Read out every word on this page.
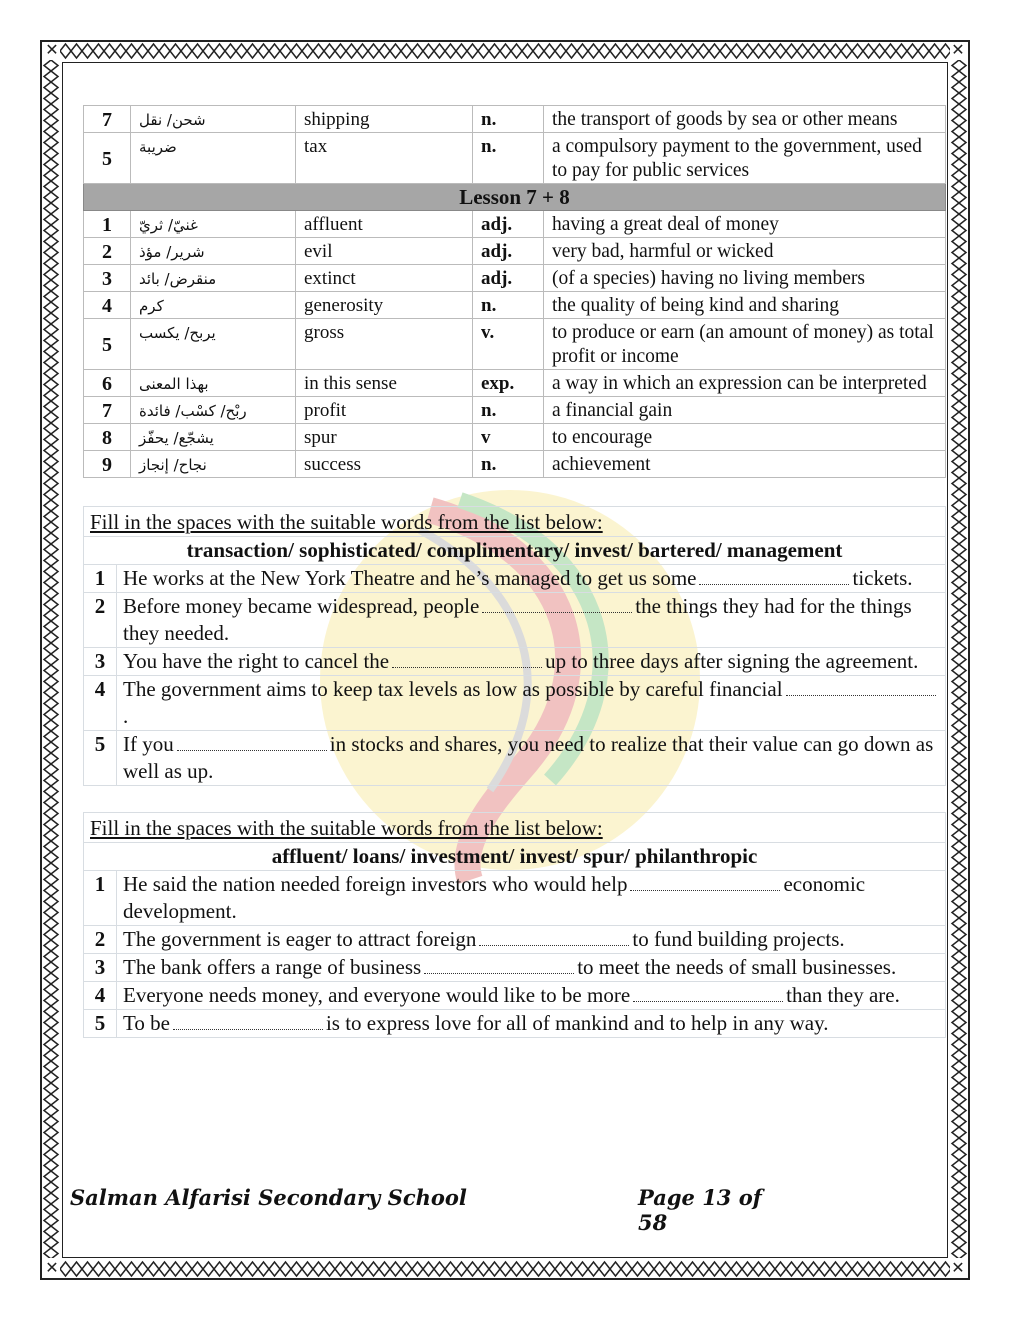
✕	✕
✕	✕
7	شحن/ نقل	shipping	n.	the transport of goods by sea or other means
5	ضريبة	tax	n.	a compulsory payment to the government, used to pay for public services
Lesson 7 + 8				
1	غنيّ/ ثريّ	affluent	adj.	having a great deal of money
2	شرير/ مؤذ	evil	adj.	very bad, harmful or wicked
3	منقرض/ بائد	extinct	adj.	(of a species) having no living members
4	كرم	generosity	n.	the quality of being kind and sharing
5	يربح/ يكسب	gross	v.	to produce or earn (an amount of money) as total profit or income
6	بهذا المعنى	in this sense	exp.	a way in which an expression can be interpreted
7	ربْح/ كسْب/ فائدة	profit	n.	a financial gain
8	يشجّع/ يحفّز	spur	v	to encourage
9	نجاح/ إنجاز	success	n.	achievement
Fill in the spaces with the suitable words from the list below:	
transaction/ sophisticated/ complimentary/ invest/ bartered/ management	
1	He works at the New York Theatre and he’s managed to get us some tickets.
2	Before money became widespread, people the things they had for the things they needed.
3	You have the right to cancel the up to three days after signing the agreement.
4	The government aims to keep tax levels as low as possible by careful financial.
5	If you in stocks and shares, you need to realize that their value can go down as well as up.
Fill in the spaces with the suitable words from the list below:	
affluent/ loans/ investment/ invest/ spur/ philanthropic	
1	He said the nation needed foreign investors who would help economic development.
2	The government is eager to attract foreign to fund building projects.
3	The bank offers a range of business to meet the needs of small businesses.
4	Everyone needs money, and everyone would like to be more than they are.
5	To be is to express love for all of mankind and to help in any way.
Salman Alfarisi Secondary School	Page 13 of 58
